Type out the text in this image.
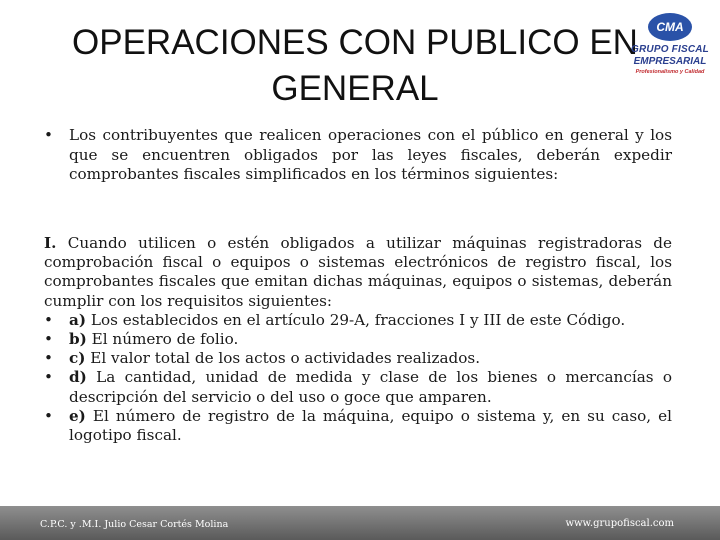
OPERACIONES CON PUBLICO EN GENERAL
CMA
GRUPO FISCAL
EMPRESARIAL
Profesionalismo y Calidad
•	Los contribuyentes que realicen operaciones con el público en general y los que se encuentren obligados por las leyes fiscales, deberán expedir comprobantes fiscales simplificados en los términos siguientes:

I. Cuando utilicen o estén obligados a utilizar máquinas registradoras de comprobación fiscal o equipos o sistemas electrónicos de registro fiscal, los comprobantes fiscales que emitan dichas máquinas, equipos o sistemas, deberán cumplir con los requisitos siguientes:

•	a) Los establecidos en el artículo 29-A, fracciones I y III de este Código.
•	b) El número de folio.
•	c) El valor total de los actos o actividades realizados.
•	d) La cantidad, unidad de medida y clase de los bienes o mercancías o descripción del servicio o del uso o goce que amparen.
•	e) El número de registro de la máquina, equipo o sistema y, en su caso, el logotipo fiscal.
C.P.C. y .M.I. Julio Cesar Cortés Molina	www.grupofiscal.com
